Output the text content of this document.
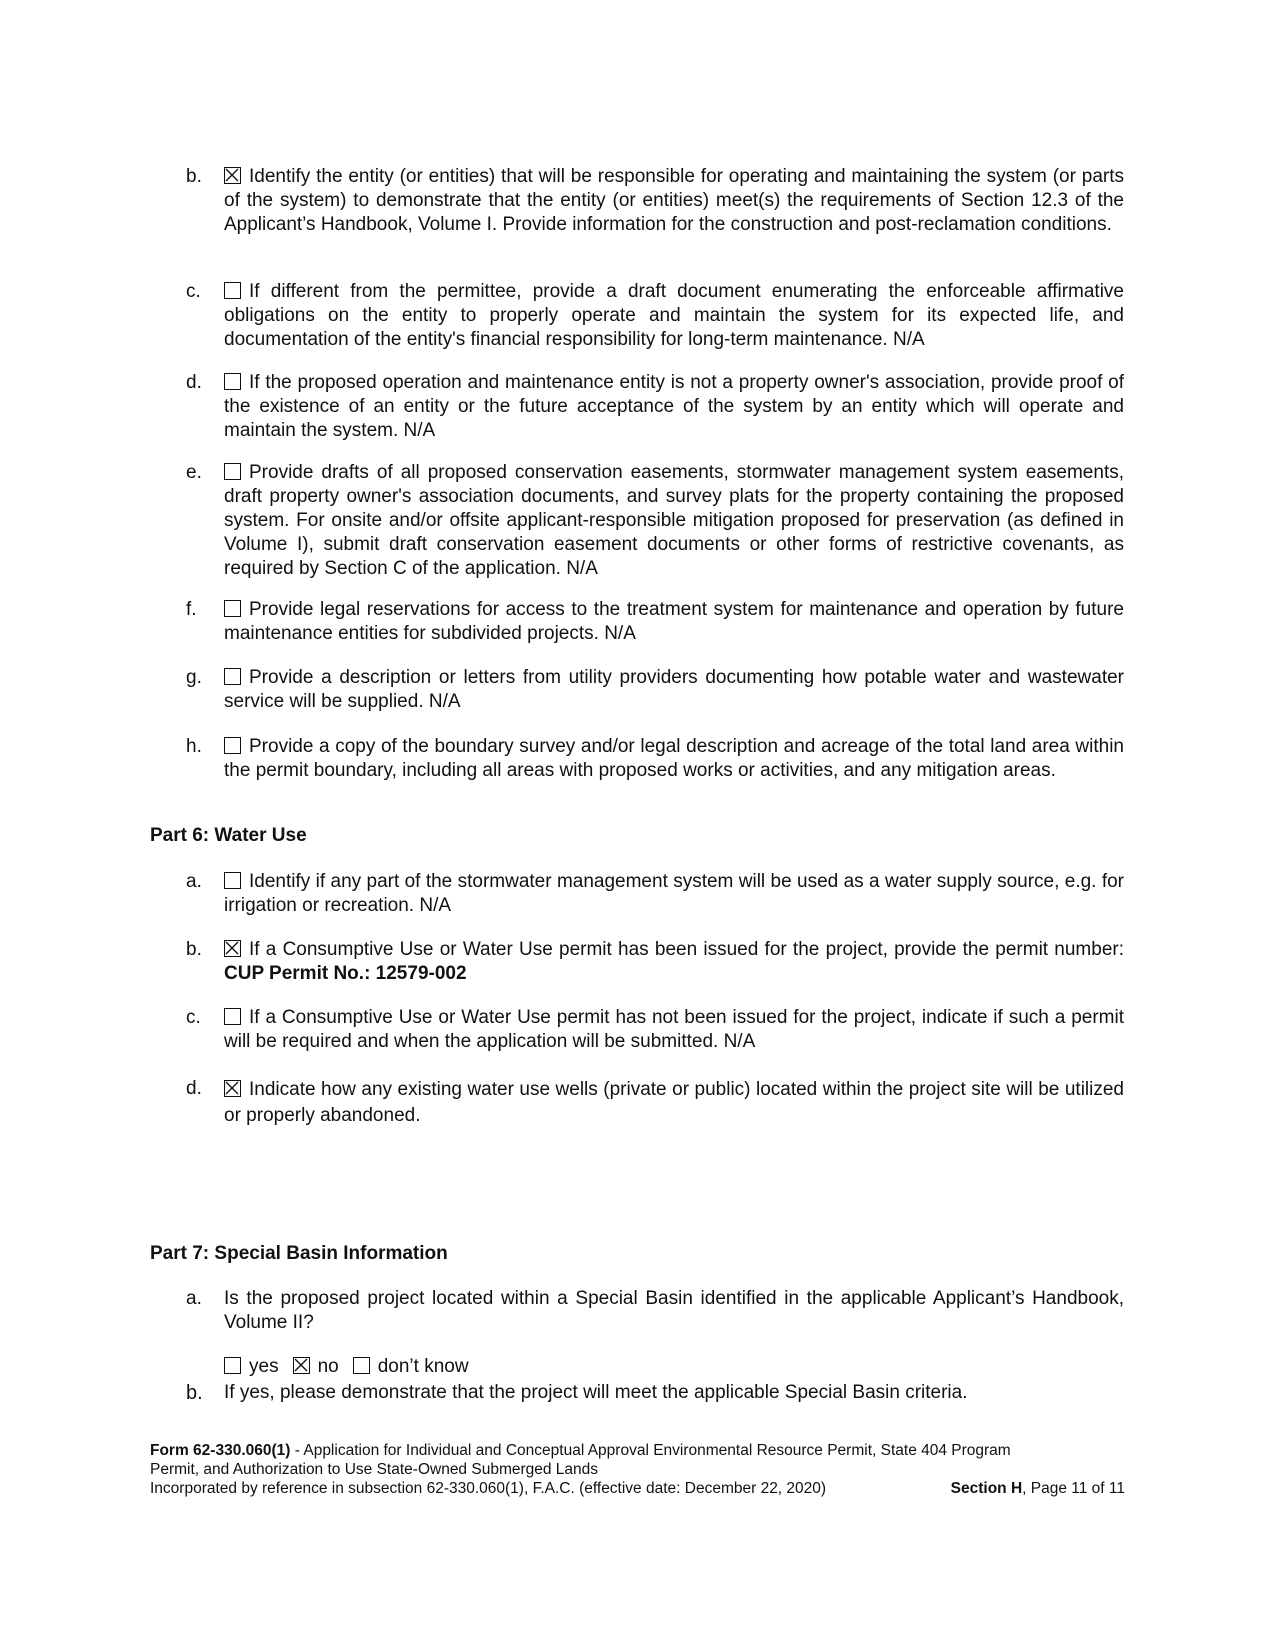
b.	Identify the entity (or entities) that will be responsible for operating and maintaining the system (or parts of the system) to demonstrate that the entity (or entities) meet(s) the requirements of Section 12.3 of the Applicant’s Handbook, Volume I. Provide information for the construction and post-reclamation conditions.
c.	If different from the permittee, provide a draft document enumerating the enforceable affirmative obligations on the entity to properly operate and maintain the system for its expected life, and documentation of the entity's financial responsibility for long-term maintenance. N/A
d.	If the proposed operation and maintenance entity is not a property owner's association, provide proof of the existence of an entity or the future acceptance of the system by an entity which will operate and maintain the system. N/A
e.	Provide drafts of all proposed conservation easements, stormwater management system easements, draft property owner's association documents, and survey plats for the property containing the proposed system. For onsite and/or offsite applicant-responsible mitigation proposed for preservation (as defined in Volume I), submit draft conservation easement documents or other forms of restrictive covenants, as required by Section C of the application. N/A
f.	Provide legal reservations for access to the treatment system for maintenance and operation by future maintenance entities for subdivided projects. N/A
g.	Provide a description or letters from utility providers documenting how potable water and wastewater service will be supplied. N/A
h.	Provide a copy of the boundary survey and/or legal description and acreage of the total land area within the permit boundary, including all areas with proposed works or activities, and any mitigation areas.
Part 6: Water Use
a.	Identify if any part of the stormwater management system will be used as a water supply source, e.g. for irrigation or recreation. N/A
b.	If a Consumptive Use or Water Use permit has been issued for the project, provide the permit number: CUP Permit No.: 12579-002
c.	If a Consumptive Use or Water Use permit has not been issued for the project, indicate if such a permit will be required and when the application will be submitted. N/A
d.	Indicate how any existing water use wells (private or public) located within the project site will be utilized or properly abandoned.
Part 7: Special Basin Information
a. Is the proposed project located within a Special Basin identified in the applicable Applicant’s Handbook, Volume II?
yes no don’t know
b. If yes, please demonstrate that the project will meet the applicable Special Basin criteria.
Form 62-330.060(1) - Application for Individual and Conceptual Approval Environmental Resource Permit, State 404 Program
Permit, and Authorization to Use State-Owned Submerged Lands
Incorporated by reference in subsection 62-330.060(1), F.A.C. (effective date: December 22, 2020)	Section H, Page 11 of 11
